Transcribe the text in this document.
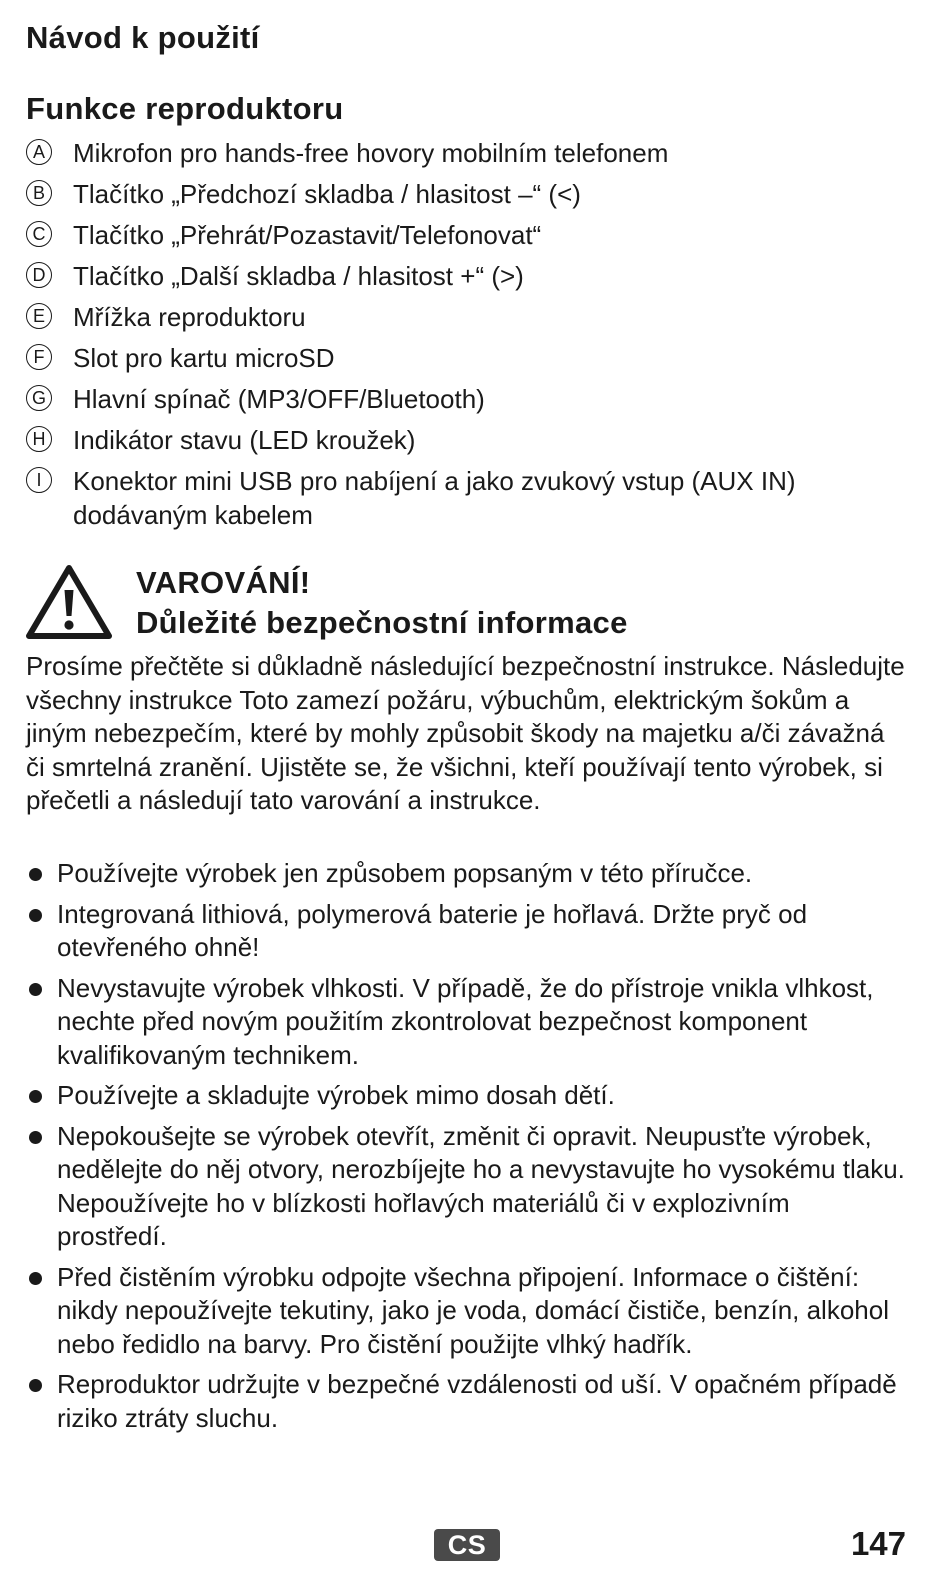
Návod k použití
Funkce reproduktoru
A Mikrofon pro hands-free hovory mobilním telefonem
B Tlačítko „Předchozí skladba / hlasitost –“ (<)
C Tlačítko „Přehrát/Pozastavit/Telefonovat“
D Tlačítko „Další skladba / hlasitost +“ (>)
E Mřížka reproduktoru
F Slot pro kartu microSD
G Hlavní spínač (MP3/OFF/Bluetooth)
H Indikátor stavu (LED kroužek)
I	Konektor mini USB pro nabíjení a jako zvukový vstup (AUX IN) dodávaným kabelem
VAROVÁNÍ!
Důležité bezpečnostní informace

Prosíme přečtěte si důkladně následující bezpečnostní instrukce. Následujte všechny instrukce Toto zamezí požáru, výbuchům, elektrickým šokům a jiným nebezpečím, které by mohly způsobit škody na majetku a/či závažná či smrtelná zranění. Ujistěte se, že všichni, kteří používají tento výrobek, si přečetli a následují tato varování a instrukce.

Používejte výrobek jen způsobem popsaným v této příručce.
Integrovaná lithiová, polymerová baterie je hořlavá. Držte pryč od otevřeného ohně!
Nevystavujte výrobek vlhkosti. V případě, že do přístroje vnikla vlhkost, nechte před novým použitím zkontrolovat bezpečnost komponent kvalifikovaným technikem.
Používejte a skladujte výrobek mimo dosah dětí.
Nepokoušejte se výrobek otevřít, změnit či opravit. Neupusťte výrobek, nedělejte do něj otvory, nerozbíjejte ho a nevystavujte ho vysokému tlaku. Nepoužívejte ho v blízkosti hořlavých materiálů či v explozivním prostředí.
Před čistěním výrobku odpojte všechna připojení. Informace o čištění: nikdy nepoužívejte tekutiny, jako je voda, domácí čističe, benzín, alkohol nebo ředidlo na barvy. Pro čistění použijte vlhký hadřík.
Reproduktor udržujte v bezpečné vzdálenosti od uší. V opačném případě riziko ztráty sluchu.
CS	147
